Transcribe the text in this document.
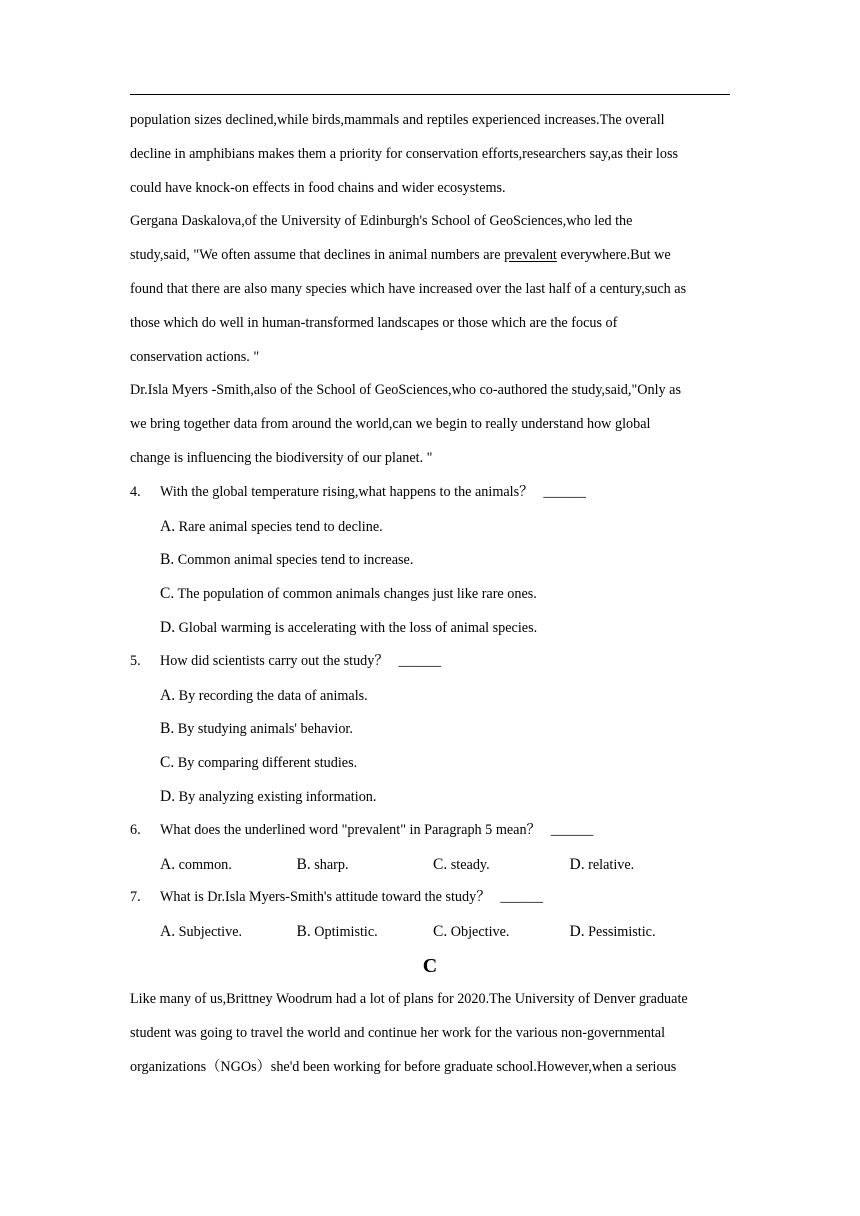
population sizes declined,while birds,mammals and reptiles experienced increases.The overall
decline in amphibians makes them a priority for conservation efforts,researchers say,as their loss
could have knock-on effects in food chains and wider ecosystems.
Gergana Daskalova,of the University of Edinburgh's School of GeoSciences,who led the
study,said, "We often assume that declines in animal numbers are prevalent everywhere.But we
found that there are also many species which have increased over the last half of a century,such as
those which do well in human-transformed landscapes or those which are the focus of
conservation actions. "
Dr.Isla Myers -Smith,also of the School of GeoSciences,who co-authored the study,said,"Only as
we bring together data from around the world,can we begin to really understand how global
change is influencing the biodiversity of our planet. "
4. With the global temperature rising,what happens to the animals？ ______
A. Rare animal species tend to decline.
B. Common animal species tend to increase.
C. The population of common animals changes just like rare ones.
D. Global warming is accelerating with the loss of animal species.
5. How did scientists carry out the study？ ______
A. By recording the data of animals.
B. By studying animals' behavior.
C. By comparing different studies.
D. By analyzing existing information.
6. What does the underlined word "prevalent" in Paragraph 5 mean？ ______
A. common.	B. sharp.	C. steady.	D. relative.
7. What is Dr.Isla Myers-Smith's attitude toward the study？ ______
A. Subjective.	B. Optimistic.	C. Objective.	D. Pessimistic.
C
Like many of us,Brittney Woodrum had a lot of plans for 2020.The University of Denver graduate
student was going to travel the world and continue her work for the various non-governmental
organizations（NGOs）she'd been working for before graduate school.However,when a serious
